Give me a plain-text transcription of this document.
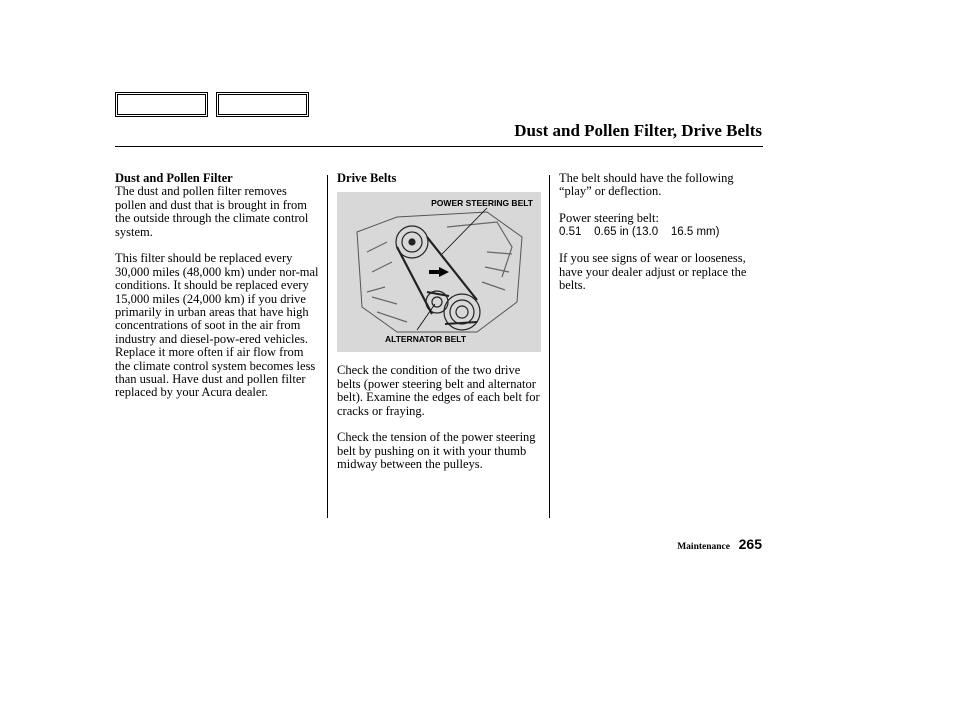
Dust and Pollen Filter, Drive Belts
Dust and Pollen Filter

The dust and pollen filter removes pollen and dust that is brought in from the outside through the climate control system.

This filter should be replaced every 30,000 miles (48,000 km) under nor-mal conditions. It should be replaced every 15,000 miles (24,000 km) if you drive primarily in urban areas that have high concentrations of soot in the air from industry and diesel-pow-ered vehicles. Replace it more often if air flow from the climate control system becomes less than usual. Have dust and pollen filter replaced by your Acura dealer.

Drive Belts
POWER STEERING BELT
ALTERNATOR BELT

Check the condition of the two drive belts (power steering belt and alternator belt). Examine the edges of each belt for cracks or fraying.

Check the tension of the power steering belt by pushing on it with your thumb midway between the pulleys.

The belt should have the following “play” or deflection.

Power steering belt:

0.51    0.65 in (13.0    16.5 mm)

If you see signs of wear or looseness, have your dealer adjust or replace the belts.

Maintenance 265
